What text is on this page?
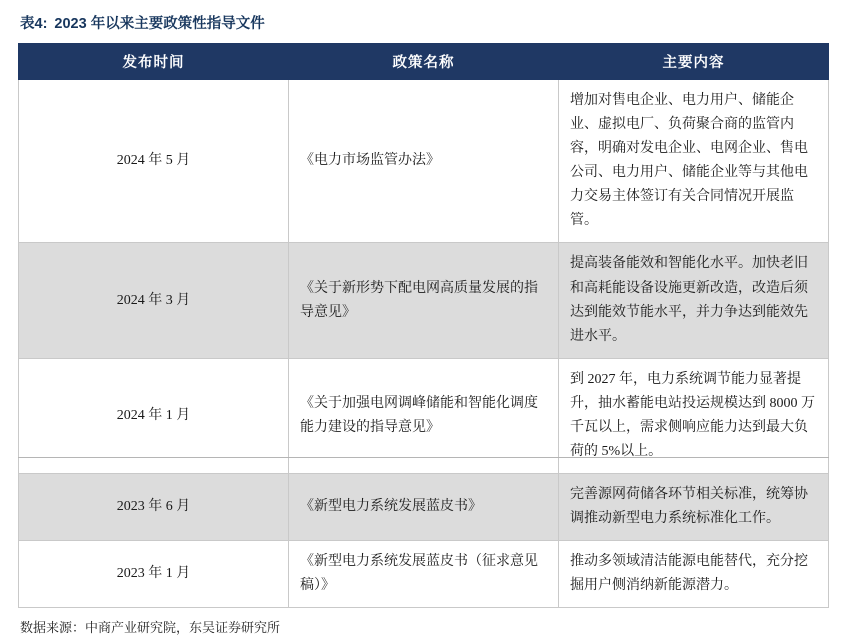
表4: 2023 年以来主要政策性指导文件
发布时间	政策名称	主要内容
2024 年 5 月	《电力市场监管办法》	增加对售电企业、电力用户、储能企业、虚拟电厂、负荷聚合商的监管内容，明确对发电企业、电网企业、售电公司、电力用户、储能企业等与其他电力交易主体签订有关合同情况开展监管。
2024 年 3 月	《关于新形势下配电网高质量发展的指导意见》	提高装备能效和智能化水平。加快老旧和高耗能设备设施更新改造，改造后须达到能效节能水平，并力争达到能效先进水平。
2024 年 1 月	《关于加强电网调峰储能和智能化调度能力建设的指导意见》	到 2027 年，电力系统调节能力显著提升，抽水蓄能电站投运规模达到 8000 万千瓦以上，需求侧响应能力达到最大负荷的 5%以上。
2023 年 6 月	《新型电力系统发展蓝皮书》	完善源网荷储各环节相关标准，统筹协调推动新型电力系统标准化工作。
2023 年 1 月	《新型电力系统发展蓝皮书（征求意见稿）》	推动多领域清洁能源电能替代，充分挖掘用户侧消纳新能源潜力。
数据来源：中商产业研究院，东吴证券研究所
